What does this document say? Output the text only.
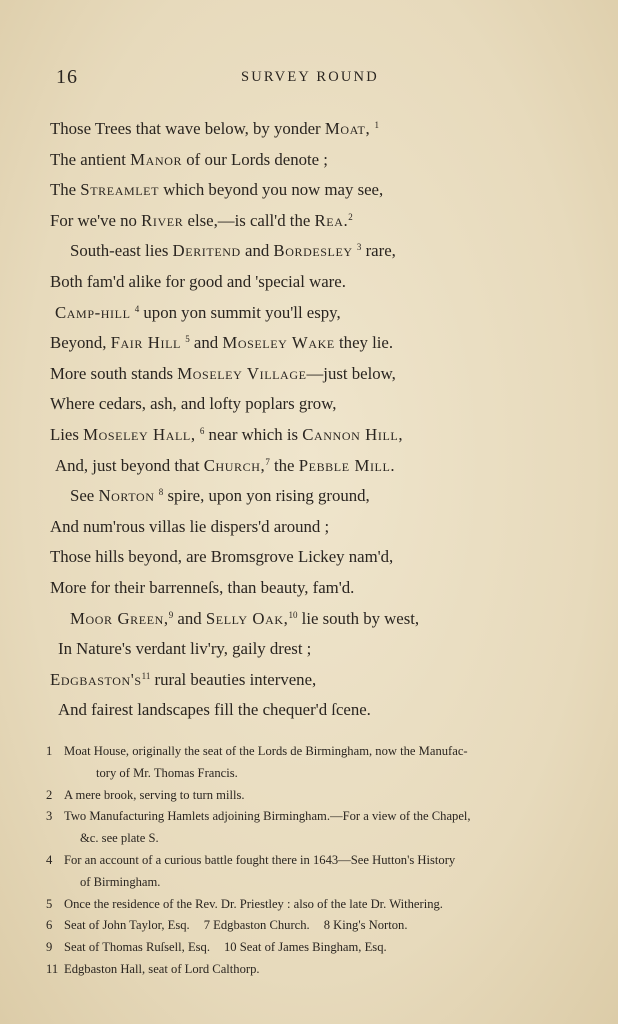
16	SURVEY ROUND
Those Trees that wave below, by yonder Moat, $^1$
The antient Manor of our Lords denote ;
The Streamlet which beyond you now may see,
For we've no River else,—is call'd the Rea.$^2$
South-east lies Deritend and Bordesley $^3$ rare,
Both fam'd alike for good and 'special ware.
Camp-hill $^4$ upon yon summit you'll espy,
Beyond, Fair Hill $^5$ and Moseley Wake they lie.
More south stands Moseley Village—just below,
Where cedars, ash, and lofty poplars grow,
Lies Moseley Hall, $^6$ near which is Cannon Hill,
And, just beyond that Church,$^7$ the Pebble Mill.
See Norton $^8$ spire, upon yon rising ground,
And num'rous villas lie dispers'd around ;
Those hills beyond, are Bromsgrove Lickey nam'd,
More for their barrenneſs, than beauty, fam'd.
Moor Green,$^9$ and Selly Oak,$^{10}$ lie south by west,
In Nature's verdant liv'ry, gaily drest ;
$Edgbaston's^{11}$ rural beauties intervene,
And fairest landscapes fill the chequer'd ſcene.
1 Moat House, originally the seat of the Lords de Birmingham, now the Manufac-
tory of Mr. Thomas Francis.
2 A mere brook, serving to turn mills.
3 Two Manufacturing Hamlets adjoining Birmingham.—For a view of the Chapel,
&c. see plate S.
4 For an account of a curious battle fought there in 1643—See Hutton's History
of Birmingham.
5 Once the residence of the Rev. Dr. Priestley : also of the late Dr. Withering.
6 Seat of John Taylor, Esq. 7 Edgbaston Church. 8 King's Norton.
9 Seat of Thomas Ruſsell, Esq. 10 Seat of James Bingham, Esq.
11 Edgbaston Hall, seat of Lord Calthorp.
